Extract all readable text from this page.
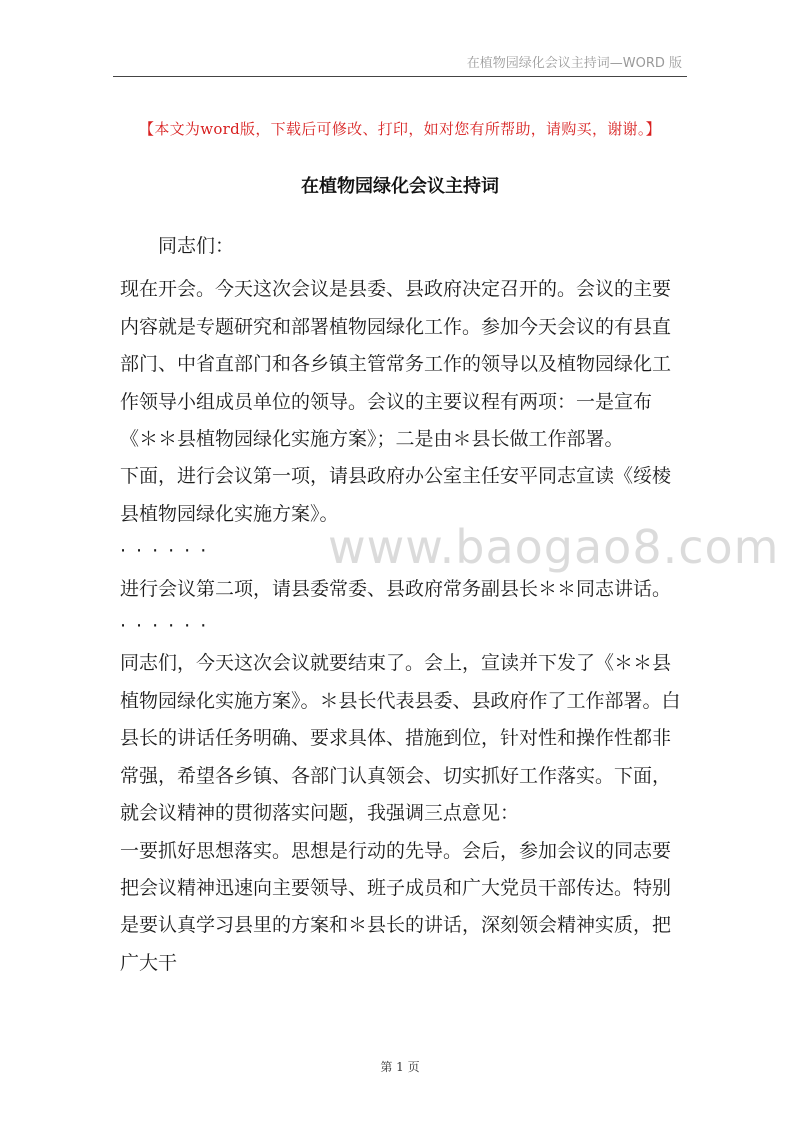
在植物园绿化会议主持词—WORD 版
【本文为word版，下载后可修改、打印，如对您有所帮助，请购买，谢谢。】
在植物园绿化会议主持词

同志们：

现在开会。今天这次会议是县委、县政府决定召开的。会议的主要内容就是专题研究和部署植物园绿化工作。参加今天会议的有县直部门、中省直部门和各乡镇主管常务工作的领导以及植物园绿化工作领导小组成员单位的领导。会议的主要议程有两项：一是宣布《＊＊县植物园绿化实施方案》；二是由＊县长做工作部署。

下面，进行会议第一项，请县政府办公室主任安平同志宣读《绥棱县植物园绿化实施方案》。

······

进行会议第二项，请县委常委、县政府常务副县长＊＊同志讲话。

······

同志们，今天这次会议就要结束了。会上，宣读并下发了《＊＊县植物园绿化实施方案》。＊县长代表县委、县政府作了工作部署。白县长的讲话任务明确、要求具体、措施到位，针对性和操作性都非常强，希望各乡镇、各部门认真领会、切实抓好工作落实。下面，就会议精神的贯彻落实问题，我强调三点意见：

一要抓好思想落实。思想是行动的先导。会后，参加会议的同志要把会议精神迅速向主要领导、班子成员和广大党员干部传达。特别是要认真学习县里的方案和＊县长的讲话，深刻领会精神实质，把广大干

www.baogao8.com
第 1 页
